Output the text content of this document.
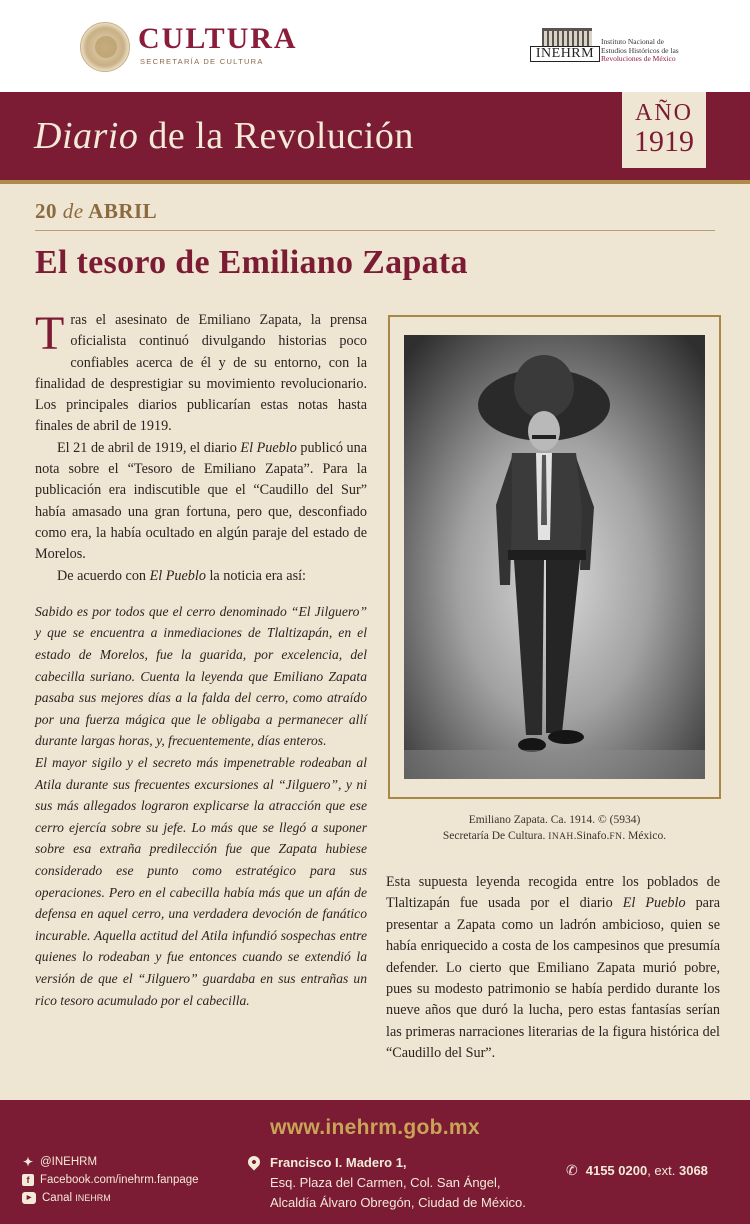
CULTURA
SECRETARÍA DE CULTURA
INEHRM
Instituto Nacional de
Estudios Históricos de las
Revoluciones de México
Diario de la Revolución
AÑO
1919
20 de ABRIL
El tesoro de Emiliano Zapata

Tras el asesinato de Emiliano Zapata, la prensa oficialista continuó divulgando historias poco confiables acerca de él y de su entorno, con la finalidad de desprestigiar su movimiento revolucionario. Los principales diarios publicarían estas notas hasta finales de abril de 1919.

El 21 de abril de 1919, el diario El Pueblo publicó una nota sobre el “Tesoro de Emiliano Zapata”. Para la publicación era indiscutible que el “Caudillo del Sur” había amasado una gran fortuna, pero que, desconfiado como era, la había ocultado en algún paraje del estado de Morelos.

De acuerdo con El Pueblo la noticia era así:

Sabido es por todos que el cerro denominado “El Jilguero” y que se encuentra a inmediaciones de Tlaltizapán, en el estado de Morelos, fue la guarida, por excelencia, del cabecilla suriano. Cuenta la leyenda que Emiliano Zapata pasaba sus mejores días a la falda del cerro, como atraído por una fuerza mágica que le obligaba a permanecer allí durante largas horas, y, frecuentemente, días enteros.

El mayor sigilo y el secreto más impenetrable rodeaban al Atila durante sus frecuentes excursiones al “Jilguero”, y ni sus más allegados lograron explicarse la atracción que ese cerro ejercía sobre su jefe. Lo más que se llegó a suponer sobre esa extraña predilección fue que Zapata hubiese considerado ese punto como estratégico para sus operaciones. Pero en el cabecilla había más que un afán de defensa en aquel cerro, una verdadera devoción de fanático incurable. Aquella actitud del Atila infundió sospechas entre quienes lo rodeaban y fue entonces cuando se extendió la versión de que el “Jilguero” guardaba en sus entrañas un rico tesoro acumulado por el cabecilla.

Emiliano Zapata. Ca. 1914. © (5934)
Secretaría De Cultura. INAH.Sinafo.FN. México.

Esta supuesta leyenda recogida entre los poblados de Tlaltizapán fue usada por el diario El Pueblo para presentar a Zapata como un ladrón ambicioso, quien se había enriquecido a costa de los campesinos que presumía defender. Lo cierto que Emiliano Zapata murió pobre, pues su modesto patrimonio se había perdido durante los nueve años que duró la lucha, pero estas fantasías serían las primeras narraciones literarias de la figura histórica del “Caudillo del Sur”.

www.inehrm.gob.mx
✦ @INEHRM
f Facebook.com/inehrm.fanpage
▶ Canal INEHRM
Francisco I. Madero 1,
Esq. Plaza del Carmen, Col. San Ángel,
Alcaldía Álvaro Obregón, Ciudad de México.
✆ 4155 0200, ext. 3068
